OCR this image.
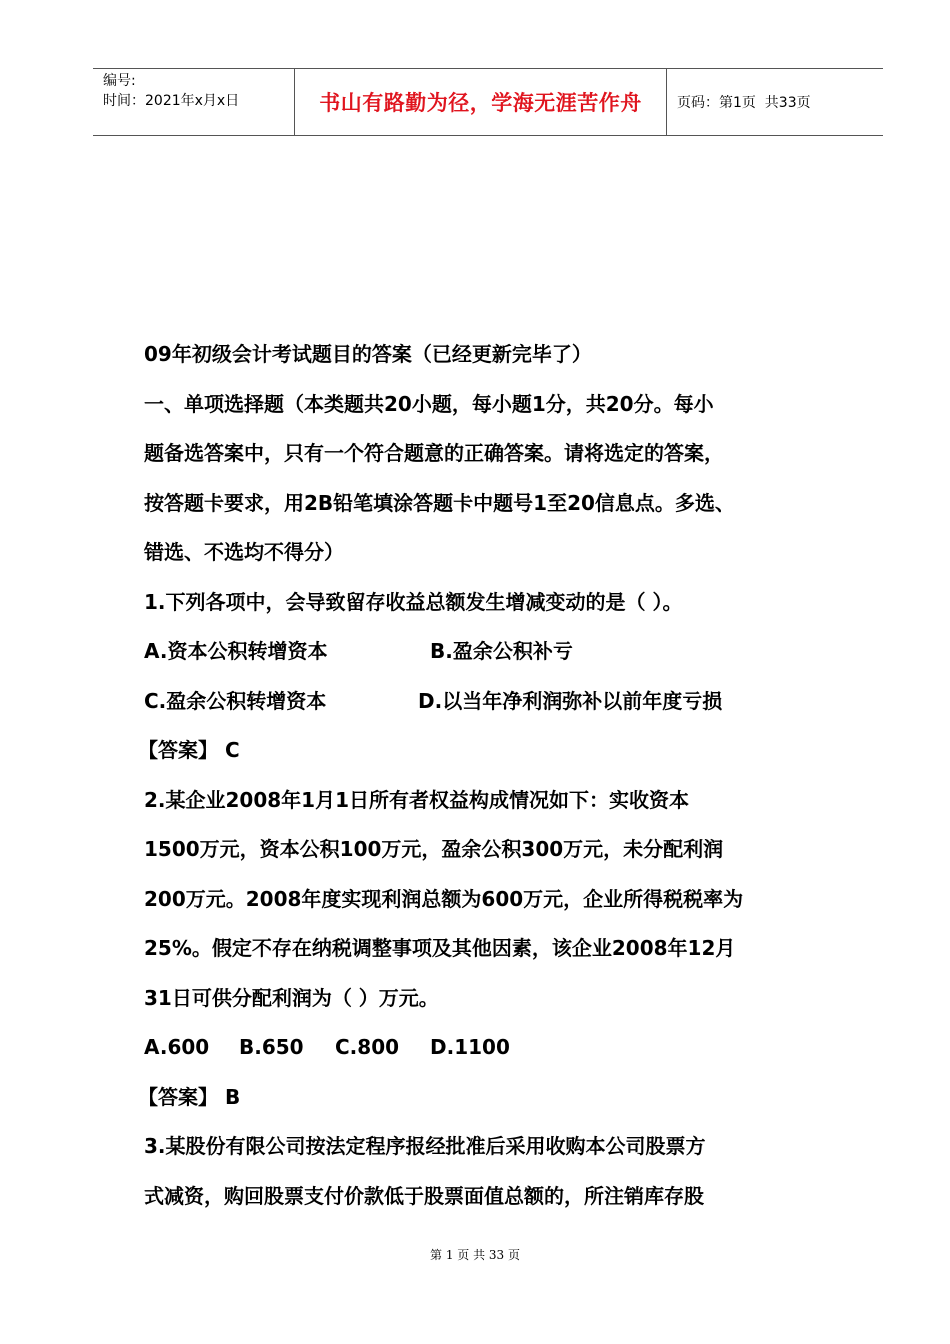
编号:
时间：2021年x月x日	书山有路勤为径，学海无涯苦作舟	页码：第1页  共33页
09年初级会计考试题目的答案（已经更新完毕了）
一、单项选择题（本类题共20小题，每小题1分，共20分。每小
题备选答案中，只有一个符合题意的正确答案。请将选定的答案，
按答题卡要求，用2B铅笔填涂答题卡中题号1至20信息点。多选、
错选、不选均不得分）
1.下列各项中，会导致留存收益总额发生增减变动的是（ ）。
A.资本公积转增资本	B.盈余公积补亏
C.盈余公积转增资本	D.以当年净利润弥补以前年度亏损
【答案】 C
2.某企业2008年1月1日所有者权益构成情况如下：实收资本
1500万元，资本公积100万元，盈余公积300万元，未分配利润
200万元。2008年度实现利润总额为600万元，企业所得税税率为
25%。假定不存在纳税调整事项及其他因素，该企业2008年12月
31日可供分配利润为（ ）万元。
A.600 B.650 C.800 D.1100
【答案】 B
3.某股份有限公司按法定程序报经批准后采用收购本公司股票方
式减资，购回股票支付价款低于股票面值总额的，所注销库存股
第 1 页 共 33 页
